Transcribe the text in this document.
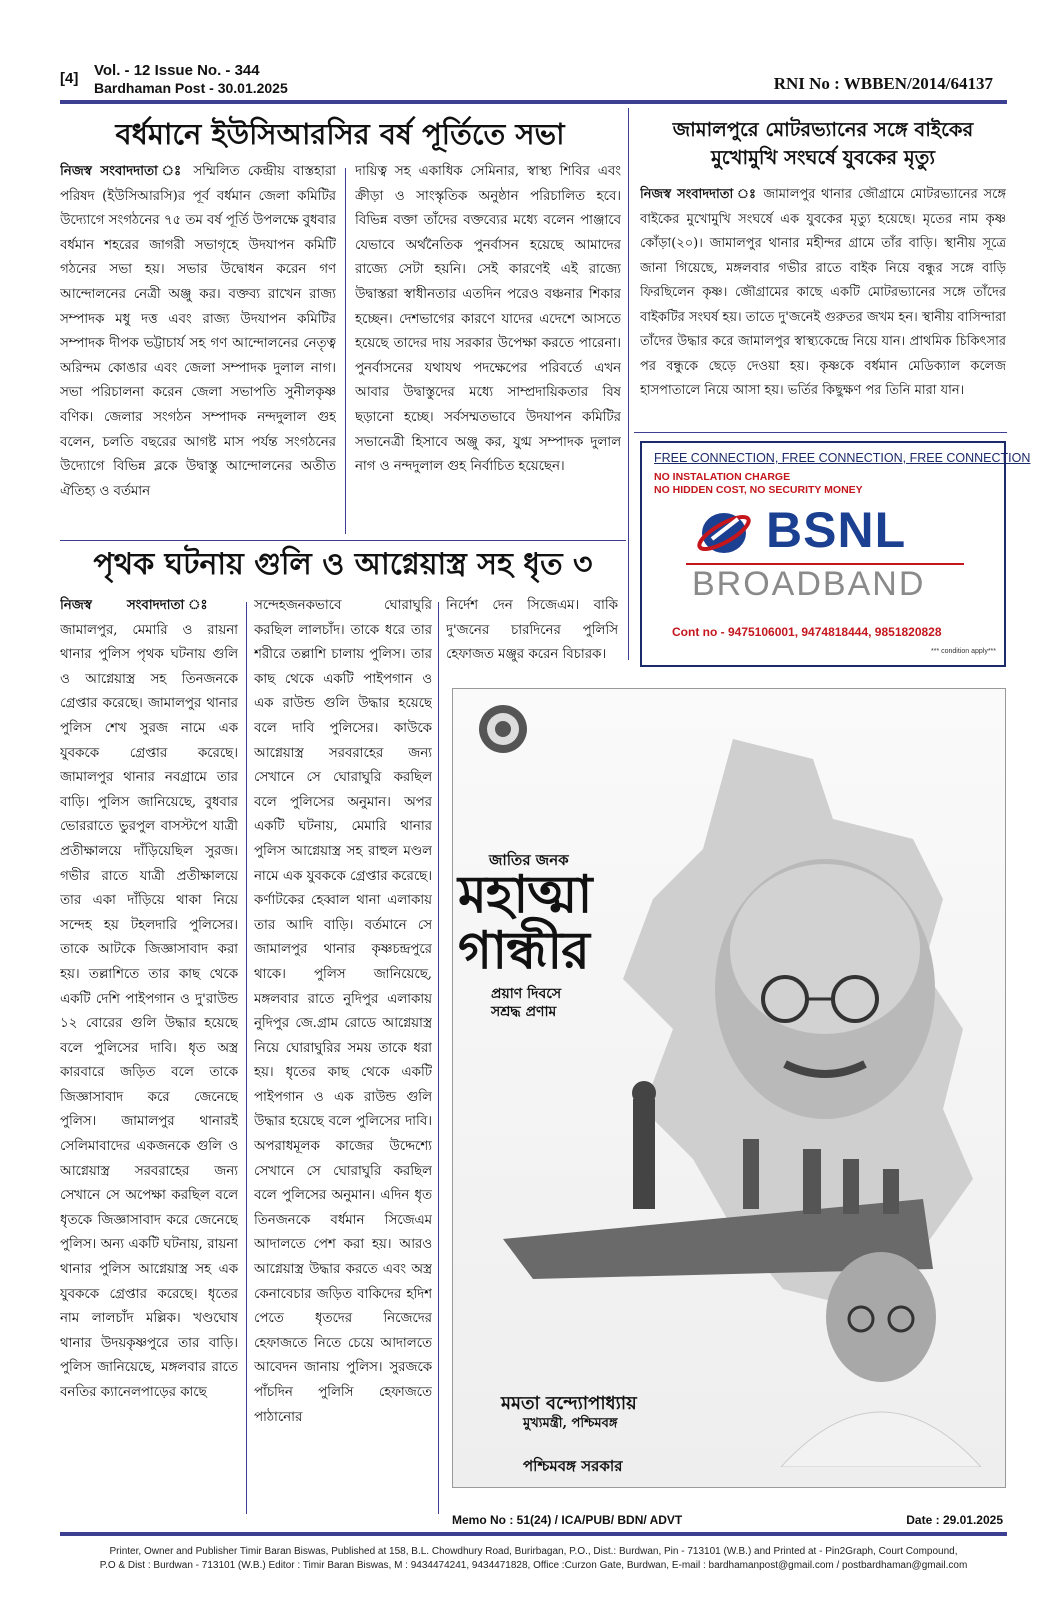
[4] Vol. - 12 Issue No. - 344
Bardhaman Post - 30.01.2025	RNI No : WBBEN/2014/64137
বর্ধমানে ইউসিআরসির বর্ষ পূর্তিতে সভা
নিজস্ব সংবাদদাতা ঃ সম্মিলিত কেন্দ্রীয় বাস্তহারা পরিষদ (ইউসিআরসি)র পূর্ব বর্ধমান জেলা কমিটির উদ্যোগে সংগঠনের ৭৫ তম বর্ষ পূর্তি উপলক্ষে বুধবার বর্ধমান শহরের জাগরী সভাগৃহে উদযাপন কমিটি গঠনের সভা হয়। সভার উদ্বোধন করেন গণ আন্দোলনের নেত্রী অঞ্জু কর। বক্তব্য রাখেন রাজ্য সম্পাদক মধু দত্ত এবং রাজ্য উদযাপন কমিটির সম্পাদক দীপক ভট্টাচার্য সহ গণ আন্দোলনের নেতৃত্ব অরিন্দম কোঙার এবং জেলা সম্পাদক দুলাল নাগ। সভা পরিচালনা করেন জেলা সভাপতি সুনীলকৃষ্ণ বণিক। জেলার সংগঠন সম্পাদক নন্দদুলাল গুহ বলেন, চলতি বছরের আগষ্ট মাস পর্যন্ত সংগঠনের উদ্যোগে বিভিন্ন ব্লকে উদ্বাস্তু আন্দোলনের অতীত ঐতিহ্য ও বর্তমান
দায়িত্ব সহ একাধিক সেমিনার, স্বাস্থ্য শিবির এবং ক্রীড়া ও সাংস্কৃতিক অনুষ্ঠান পরিচালিত হবে। বিভিন্ন বক্তা তাঁদের বক্তব্যের মধ্যে বলেন পাঞ্জাবে যেভাবে অর্থনৈতিক পুনর্বাসন হয়েছে আমাদের রাজ্যে সেটা হয়নি। সেই কারণেই এই রাজ্যে উদ্বাস্তরা স্বাধীনতার এতদিন পরেও বঞ্চনার শিকার হচ্ছেন। দেশভাগের কারণে যাদের এদেশে আসতে হয়েছে তাদের দায় সরকার উপেক্ষা করতে পারেনা। পুনর্বাসনের যথাযথ পদক্ষেপের পরিবর্তে এখন আবার উদ্বাস্তুদের মধ্যে সাম্প্রদায়িকতার বিষ ছড়ানো হচ্ছে। সর্বসম্মতভাবে উদযাপন কমিটির সভানেত্রী হিসাবে অঞ্জু কর, যুগ্ম সম্পাদক দুলাল নাগ ও নন্দদুলাল গুহ নির্বাচিত হয়েছেন।
জামালপুরে মোটরভ্যানের সঙ্গে বাইকের মুখোমুখি সংঘর্ষে যুবকের মৃত্যু
নিজস্ব সংবাদদাতা ঃ জামালপুর থানার জৌগ্রামে মোটরভ্যানের সঙ্গে বাইকের মুখোমুখি সংঘর্ষে এক যুবকের মৃত্যু হয়েছে। মৃতের নাম কৃষ্ণ কোঁড়া(২০)। জামালপুর থানার মহীন্দর গ্রামে তাঁর বাড়ি। স্থানীয় সূত্রে জানা গিয়েছে, মঙ্গলবার গভীর রাতে বাইক নিয়ে বন্ধুর সঙ্গে বাড়ি ফিরছিলেন কৃষ্ণ। জৌগ্রামের কাছে একটি মোটরভ্যানের সঙ্গে তাঁদের বাইকটির সংঘর্ষ হয়। তাতে দু'জনেই গুরুতর জখম হন। স্থানীয় বাসিন্দারা তাঁদের উদ্ধার করে জামালপুর স্বাস্থ্যকেন্দ্রে নিয়ে যান। প্রাথমিক চিকিৎসার পর বন্ধুকে ছেড়ে দেওয়া হয়। কৃষ্ণকে বর্ধমান মেডিক্যাল কলেজ হাসপাতালে নিয়ে আসা হয়। ভর্তির কিছুক্ষণ পর তিনি মারা যান।
FREE CONNECTION, FREE CONNECTION, FREE CONNECTION
NO INSTALATION CHARGE
NO HIDDEN COST, NO SECURITY MONEY
BSNL
BROADBAND
Cont no - 9475106001, 9474818444, 9851820828
*** condition apply***
পৃথক ঘটনায় গুলি ও আগ্নেয়াস্ত্র সহ ধৃত ৩
নিজস্ব সংবাদদাতা ঃ জামালপুর, মেমারি ও রায়না থানার পুলিস পৃথক ঘটনায় গুলি ও আগ্নেয়াস্ত্র সহ তিনজনকে গ্রেপ্তার করেছে। জামালপুর থানার পুলিস শেখ সুরজ নামে এক যুবককে গ্রেপ্তার করেছে। জামালপুর থানার নবগ্রামে তার বাড়ি। পুলিস জানিয়েছে, বুধবার ভোররাতে ভুরপুল বাসস্টপে যাত্রী প্রতীক্ষালয়ে দাঁড়িয়েছিল সুরজ। গভীর রাতে যাত্রী প্রতীক্ষালয়ে তার একা দাঁড়িয়ে থাকা নিয়ে সন্দেহ হয় টহলদারি পুলিসের। তাকে আটকে জিজ্ঞাসাবাদ করা হয়। তল্লাশিতে তার কাছ থেকে একটি দেশি পাইপগান ও দু'রাউন্ড ১২ বোরের গুলি উদ্ধার হয়েছে বলে পুলিসের দাবি। ধৃত অস্ত্র কারবারে জড়িত বলে তাকে জিজ্ঞাসাবাদ করে জেনেছে পুলিস। জামালপুর থানারই সেলিমাবাদের একজনকে গুলি ও আগ্নেয়াস্ত্র সরবরাহের জন্য সেখানে সে অপেক্ষা করছিল বলে ধৃতকে জিজ্ঞাসাবাদ করে জেনেছে পুলিস। অন্য একটি ঘটনায়, রায়না থানার পুলিস আগ্নেয়াস্ত্র সহ এক যুবককে গ্রেপ্তার করেছে। ধৃতের নাম লালচাঁদ মল্লিক। খণ্ডঘোষ থানার উদয়কৃষ্ণপুরে তার বাড়ি। পুলিস জানিয়েছে, মঙ্গলবার রাতে বনতির ক্যানেলপাড়ের কাছে
সন্দেহজনকভাবে ঘোরাঘুরি করছিল লালচাঁদ। তাকে ধরে তার শরীরে তল্লাশি চালায় পুলিস। তার কাছ থেকে একটি পাইপগান ও এক রাউন্ড গুলি উদ্ধার হয়েছে বলে দাবি পুলিসের। কাউকে আগ্নেয়াস্ত্র সরবরাহের জন্য সেখানে সে ঘোরাঘুরি করছিল বলে পুলিসের অনুমান। অপর একটি ঘটনায়, মেমারি থানার পুলিস আগ্নেয়াস্ত্র সহ রাহুল মণ্ডল নামে এক যুবককে গ্রেপ্তার করেছে। কর্ণাটকের হেব্বাল থানা এলাকায় তার আদি বাড়ি। বর্তমানে সে জামালপুর থানার কৃষ্ণচন্দ্রপুরে থাকে। পুলিস জানিয়েছে, মঙ্গলবার রাতে নুদিপুর এলাকায় নুদিপুর জে.গ্রাম রোডে আগ্নেয়াস্ত্র নিয়ে ঘোরাঘুরির সময় তাকে ধরা হয়। ধৃতের কাছ থেকে একটি পাইপগান ও এক রাউন্ড গুলি উদ্ধার হয়েছে বলে পুলিসের দাবি। অপরাধমূলক কাজের উদ্দেশ্যে সেখানে সে ঘোরাঘুরি করছিল বলে পুলিসের অনুমান। এদিন ধৃত তিনজনকে বর্ধমান সিজেএম আদালতে পেশ করা হয়। আরও আগ্নেয়াস্ত্র উদ্ধার করতে এবং অস্ত্র কেনাবেচার জড়িত বাকিদের হদিশ পেতে ধৃতদের নিজেদের হেফাজতে নিতে চেয়ে আদালতে আবেদন জানায় পুলিস। সুরজকে পাঁচদিন পুলিসি হেফাজতে পাঠানোর
নির্দেশ দেন সিজেএম। বাকি দু'জনের চারদিনের পুলিসি হেফাজত মঞ্জুর করেন বিচারক।
জাতির জনক
মহাত্মা
গান্ধীর
প্রয়াণ দিবসে
সশ্রদ্ধ প্রণাম
মমতা বন্দ্যোপাধ্যায়
মুখ্যমন্ত্রী, পশ্চিমবঙ্গ
পশ্চিমবঙ্গ সরকার
Memo No : 51(24) / ICA/PUB/ BDN/ ADVT	Date : 29.01.2025
Printer, Owner and Publisher Timir Baran Biswas, Published at 158, B.L. Chowdhury Road, Burirbagan, P.O., Dist.: Burdwan, Pin - 713101 (W.B.) and Printed at - Pin2Graph, Court Compound,
P.O & Dist : Burdwan - 713101 (W.B.) Editor : Timir Baran Biswas, M : 9434474241, 9434471828, Office :Curzon Gate, Burdwan, E-mail : bardhamanpost@gmail.com / postbardhaman@gmail.com
